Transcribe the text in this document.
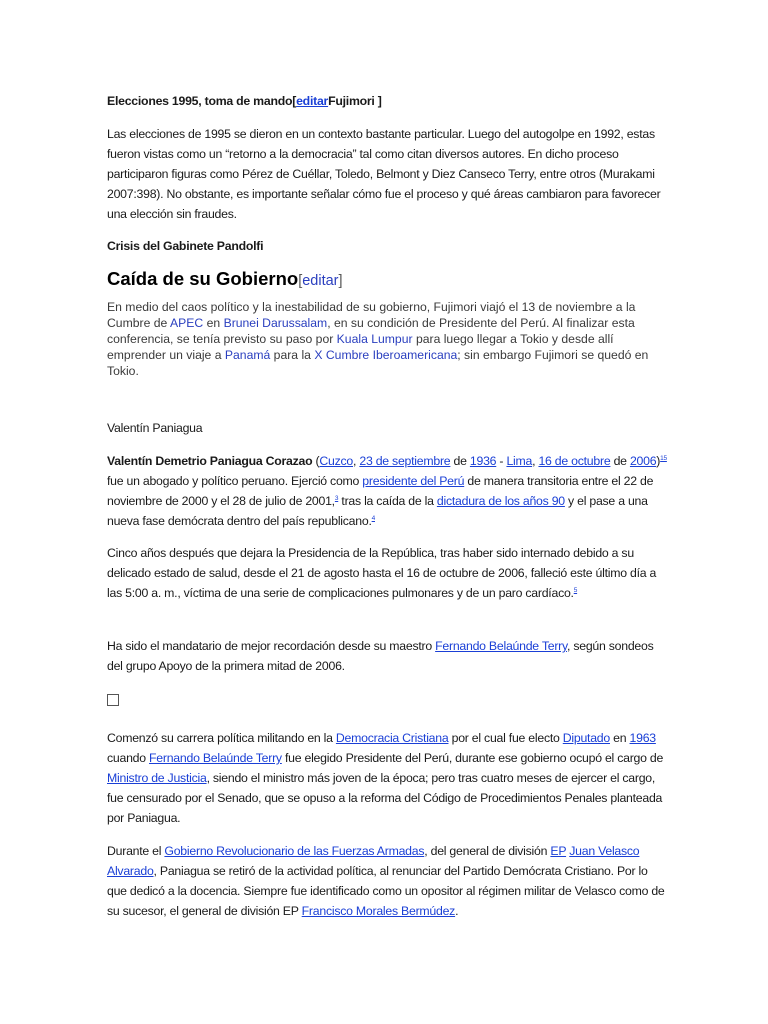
Elecciones 1995, toma de mando[editarFujimori ]

Las elecciones de 1995 se dieron en un contexto bastante particular. Luego del autogolpe en 1992, estas fueron vistas como un “retorno a la democracia” tal como citan diversos autores. En dicho proceso participaron figuras como Pérez de Cuéllar, Toledo, Belmont y Diez Canseco Terry, entre otros (Murakami 2007:398). No obstante, es importante señalar cómo fue el proceso y qué áreas cambiaron para favorecer una elección sin fraudes.

Crisis del Gabinete Pandolfi
Caída de su Gobierno[editar]

En medio del caos político y la inestabilidad de su gobierno, Fujimori viajó el 13 de noviembre a la Cumbre de APEC en Brunei Darussalam, en su condición de Presidente del Perú. Al finalizar esta conferencia, se tenía previsto su paso por Kuala Lumpur para luego llegar a Tokio y desde allí emprender un viaje a Panamá para la X Cumbre Iberoamericana; sin embargo Fujimori se quedó en Tokio.

Valentín Paniagua

Valentín Demetrio Paniagua Corazao (Cuzco, 23 de septiembre de 1936 - Lima, 16 de octubre de 2006)$^{15}$ fue un abogado y político peruano. Ejerció como presidente del Perú de manera transitoria entre el 22 de noviembre de 2000 y el 28 de julio de 2001,$^3$ tras la caída de la dictadura de los años 90 y el pase a una nueva fase demócrata dentro del país republicano.$^4$

Cinco años después que dejara la Presidencia de la República, tras haber sido internado debido a su delicado estado de salud, desde el 21 de agosto hasta el 16 de octubre de 2006, falleció este último día a las 5:00 a. m., víctima de una serie de complicaciones pulmonares y de un paro cardíaco.$^5$

Ha sido el mandatario de mejor recordación desde su maestro Fernando Belaúnde Terry, según sondeos del grupo Apoyo de la primera mitad de 2006.

Comenzó su carrera política militando en la Democracia Cristiana por el cual fue electo Diputado en 1963 cuando Fernando Belaúnde Terry fue elegido Presidente del Perú, durante ese gobierno ocupó el cargo de Ministro de Justicia, siendo el ministro más joven de la época; pero tras cuatro meses de ejercer el cargo, fue censurado por el Senado, que se opuso a la reforma del Código de Procedimientos Penales planteada por Paniagua.

Durante el Gobierno Revolucionario de las Fuerzas Armadas, del general de división EP Juan Velasco Alvarado, Paniagua se retiró de la actividad política, al renunciar del Partido Demócrata Cristiano. Por lo que dedicó a la docencia. Siempre fue identificado como un opositor al régimen militar de Velasco como de su sucesor, el general de división EP Francisco Morales Bermúdez.
